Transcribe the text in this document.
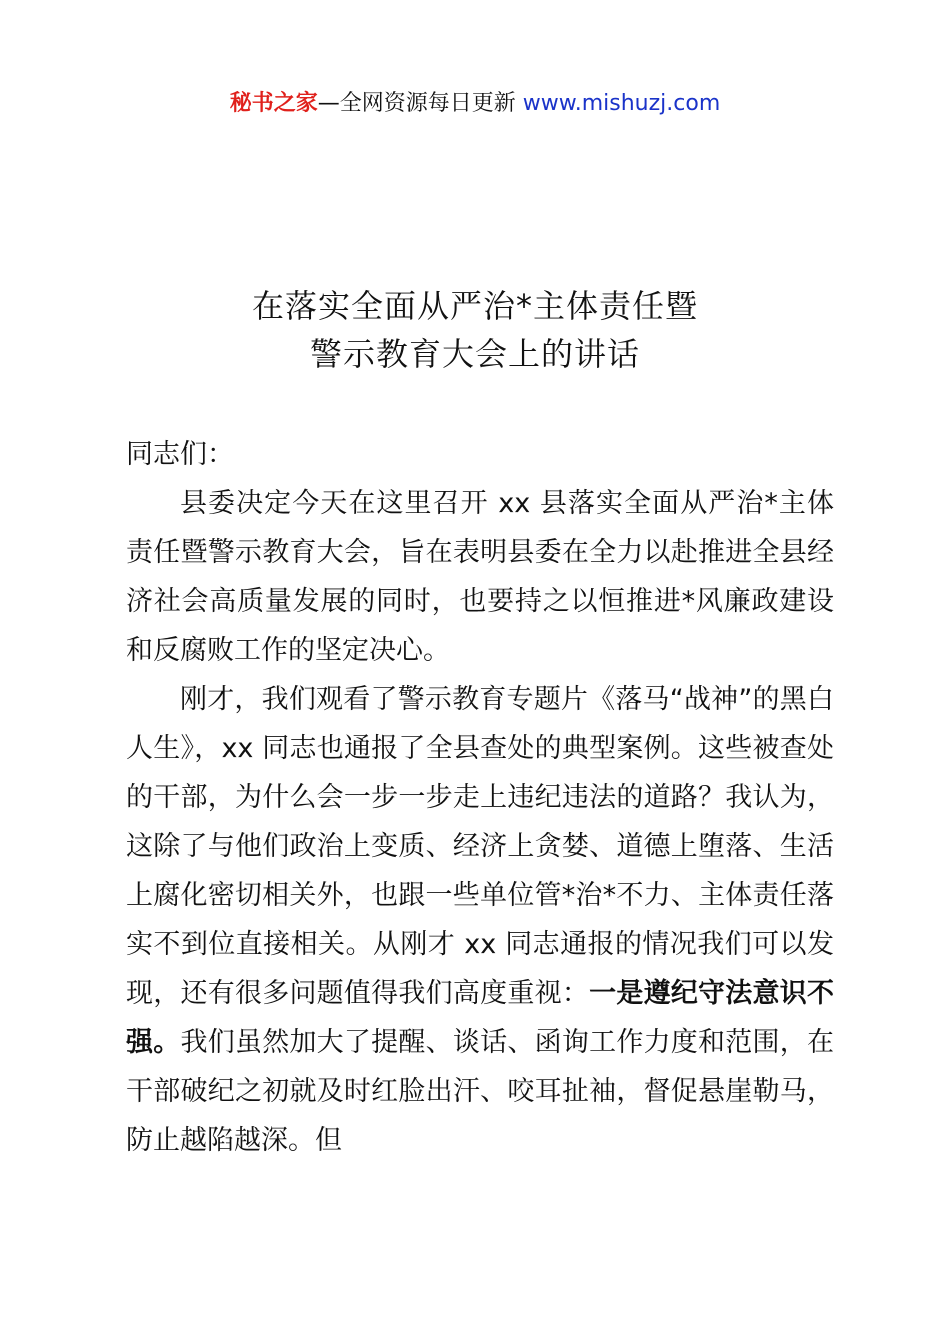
秘书之家—全网资源每日更新 www.mishuzj.com
在落实全面从严治*主体责任暨
警示教育大会上的讲话

同志们：

县委决定今天在这里召开 xx 县落实全面从严治*主体责任暨警示教育大会，旨在表明县委在全力以赴推进全县经济社会高质量发展的同时，也要持之以恒推进*风廉政建设和反腐败工作的坚定决心。

刚才，我们观看了警示教育专题片《落马“战神”的黑白人生》，xx 同志也通报了全县查处的典型案例。这些被查处的干部，为什么会一步一步走上违纪违法的道路？我认为，这除了与他们政治上变质、经济上贪婪、道德上堕落、生活上腐化密切相关外，也跟一些单位管*治*不力、主体责任落实不到位直接相关。从刚才 xx 同志通报的情况我们可以发现，还有很多问题值得我们高度重视：一是遵纪守法意识不强。我们虽然加大了提醒、谈话、函询工作力度和范围，在干部破纪之初就及时红脸出汗、咬耳扯袖，督促悬崖勒马，防止越陷越深。但
